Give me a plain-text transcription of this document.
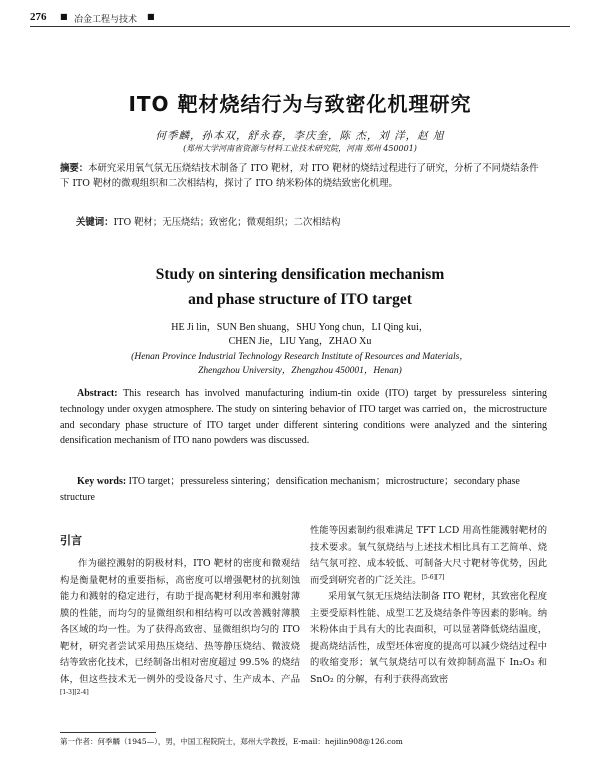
276 ■ 冶金工程与技术 ■
ITO 靶材烧结行为与致密化机理研究
何季麟，孙本双，舒永春，李庆奎，陈 杰，刘 洋，赵 旭
(郑州大学河南省资源与材料工业技术研究院，河南 郑州 450001)
摘要：本研究采用氧气氛无压烧结技术制备了 ITO 靶材，对 ITO 靶材的烧结过程进行了研究，分析了不同烧结条件下 ITO 靶材的微观组织和二次相结构，探讨了 ITO 纳米粉体的烧结致密化机理。
关键词：ITO 靶材；无压烧结；致密化；微观组织；二次相结构
Study on sintering densification mechanism
and phase structure of ITO target
HE Ji lin，SUN Ben shuang，SHU Yong chun，LI Qing kui，
CHEN Jie，LIU Yang，ZHAO Xu
(Henan Province Industrial Technology Research Institute of Resources and Materials，
Zhengzhou University，Zhengzhou 450001，Henan)
Abstract: This research has involved manufacturing indium-tin oxide (ITO) target by pressureless sintering technology under oxygen atmosphere. The study on sintering behavior of ITO target was carried on，the microstructure and secondary phase structure of ITO target under different sintering conditions were analyzed and the sintering densification mechanism of ITO nano powders was discussed.
Key words: ITO target；pressureless sintering；densification mechanism；microstructure；secondary phase structure
引言
作为磁控溅射的阴极材料，ITO 靶材的密度和微观结构是衡量靶材的重要指标，高密度可以增强靶材的抗刻蚀能力和溅射的稳定进行，有助于提高靶材利用率和溅射薄膜的性能，而均匀的显微组织和相结构可以改善溅射薄膜各区域的均一性。为了获得高致密、显微组织均匀的 ITO 靶材，研究者尝试采用热压烧结、热等静压烧结、微波烧结等致密化技术，已经制备出相对密度超过 99.5% 的烧结体，但这些技术无一例外的受设备尺寸、生产成本、产品[1-3][2-4]
性能等因素制约很难满足 TFT LCD 用高性能溅射靶材的技术要求。氧气氛烧结与上述技术相比具有工艺简单、烧结气氛可控、成本较低、可制备大尺寸靶材等优势，因此而受到研究者的广泛关注。[5-6][7]
采用氧气氛无压烧结法制备 ITO 靶材，其致密化程度主要受原料性能、成型工艺及烧结条件等因素的影响。纳米粉体由于具有大的比表面积，可以显著降低烧结温度，提高烧结活性，成型坯体密度的提高可以减少烧结过程中的收缩变形；氧气氛烧结可以有效抑制高温下 In₂O₃ 和 SnO₂ 的分解，有利于获得高致密
第一作者：何季麟（1945—），男，中国工程院院士，郑州大学教授，E-mail：hejilin908@126.com
